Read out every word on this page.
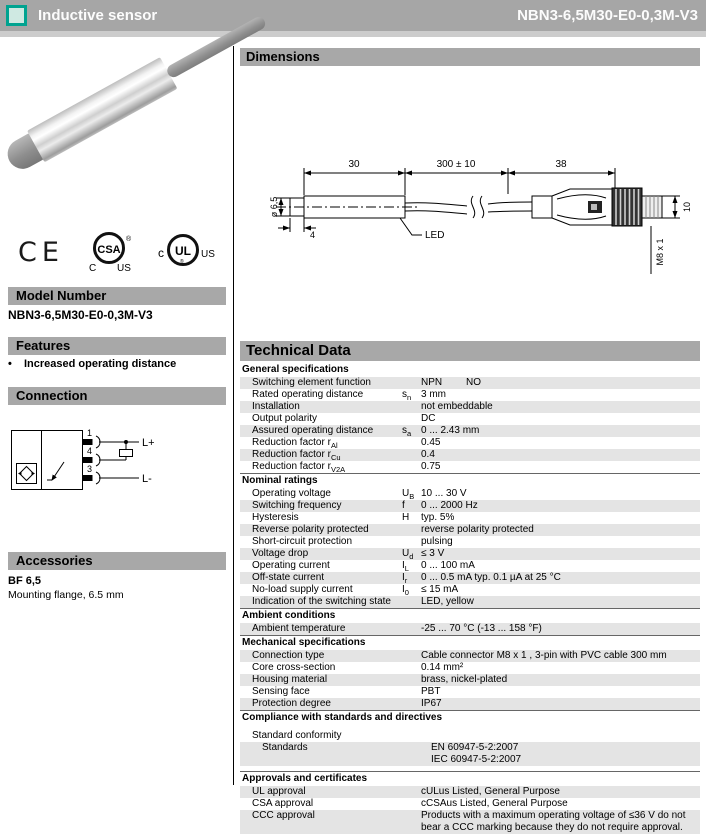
Inductive sensor	NBN3-6,5M30-E0-0,3M-V3
CE	CSA
®
C US
c UL
®
US
Model Number
NBN3-6,5M30-E0-0,3M-V3
Features
•	Increased operating distance
Connection
1
4
3
L+
L-
Accessories
BF 6,5
Mounting flange, 6.5 mm
Dimensions
30	300 ± 10	38
ø 6,5
4	LED
10
M8 x 1
Technical Data
General specifications
Switching element function	NPN NO
Rated operating distance	$s_n$ 3 mm
Installation	not embeddable
Output polarity	DC
Assured operating distance	$s_a$ 0 ... 2.43 mm
Reduction factor $r_{Al}$	0.45
Reduction factor $r_{Cu}$	0.4
Reduction factor $r_{V2A}$	0.75
Nominal ratings
Operating voltage	$U_B$ 10 ... 30 V
Switching frequency	f	0 ... 2000 Hz
Hysteresis	H	typ. 5%
Reverse polarity protected	reverse polarity protected
Short-circuit protection	pulsing
Voltage drop	$U_d \le 3$ V
Operating current	$I_L$	0 ... 100 mA
Off-state current	$I_r$	0 ... 0.5 mA typ. 0.1 µA at 25 °C
No-load supply current	$I_0$	≤ 15 mA
Indication of the switching state	LED, yellow
Ambient conditions
Ambient temperature	-25 ... 70 °C (-13 ... 158 °F)
Mechanical specifications
Connection type	Cable connector M8 x 1 , 3-pin with PVC cable 300 mm
Core cross-section	0.14 mm²
Housing material	brass, nickel-plated
Sensing face	PBT
Protection degree	IP67
Compliance with standards and directives
Standard conformity
Standards	EN 60947-5-2:2007
IEC 60947-5-2:2007
Approvals and certificates
UL approval	cULus Listed, General Purpose
CSA approval	cCSAus Listed, General Purpose
CCC approval	Products with a maximum operating voltage of ≤36 V do not bear a CCC marking because they do not require approval.
